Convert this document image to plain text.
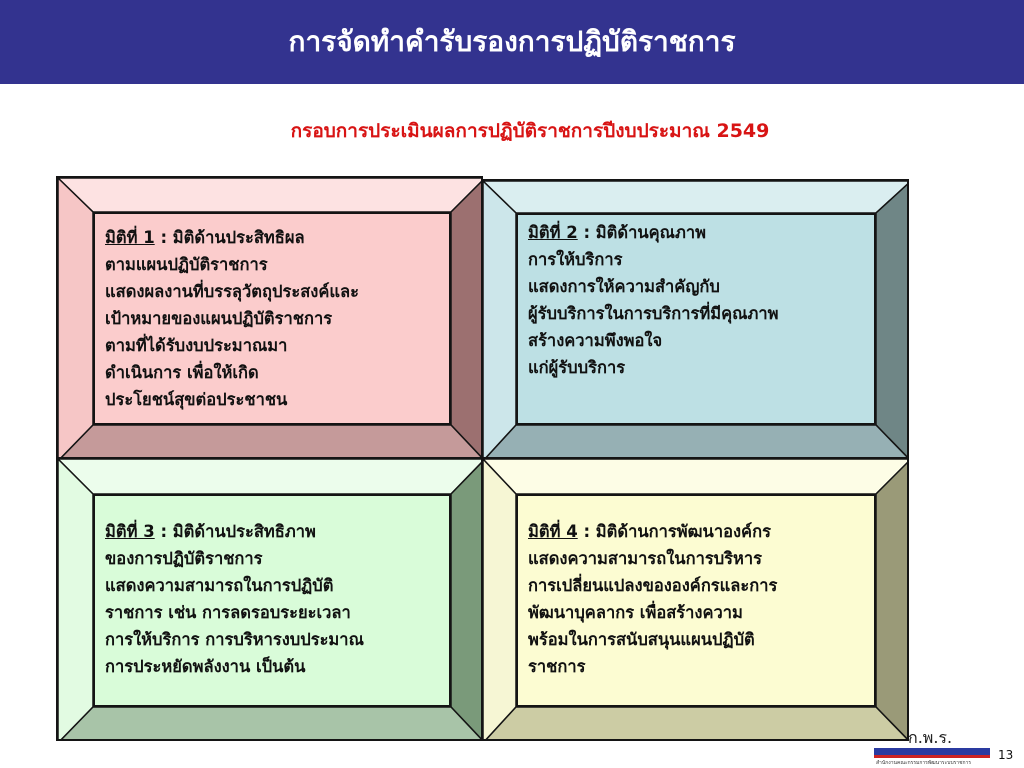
การจัดทำคำรับรองการปฏิบัติราชการ
กรอบการประเมินผลการปฏิบัติราชการปีงบประมาณ 2549
มิติที่ 1 : มิติด้านประสิทธิผล
ตามแผนปฏิบัติราชการ
แสดงผลงานที่บรรลุวัตถุประสงค์และ
เป้าหมายของแผนปฏิบัติราชการ
ตามที่ได้รับงบประมาณมา
ดำเนินการ เพื่อให้เกิด
ประโยชน์สุขต่อประชาชน
มิติที่ 2 : มิติด้านคุณภาพ
การให้บริการ
แสดงการให้ความสำคัญกับ
ผู้รับบริการในการบริการที่มีคุณภาพ
สร้างความพึงพอใจ
แก่ผู้รับบริการ
มิติที่ 3 : มิติด้านประสิทธิภาพ
ของการปฏิบัติราชการ
แสดงความสามารถในการปฏิบัติ
ราชการ เช่น การลดรอบระยะเวลา
การให้บริการ การบริหารงบประมาณ
การประหยัดพลังงาน เป็นต้น
มิติที่ 4 : มิติด้านการพัฒนาองค์กร
แสดงความสามารถในการบริหาร
การเปลี่ยนแปลงขององค์กรและการ
พัฒนาบุคลากร เพื่อสร้างความ
พร้อมในการสนับสนุนแผนปฏิบัติ
ราชการ
ก.พ.ร.
สำนักงานคณะกรรมการพัฒนาระบบราชการ
13
